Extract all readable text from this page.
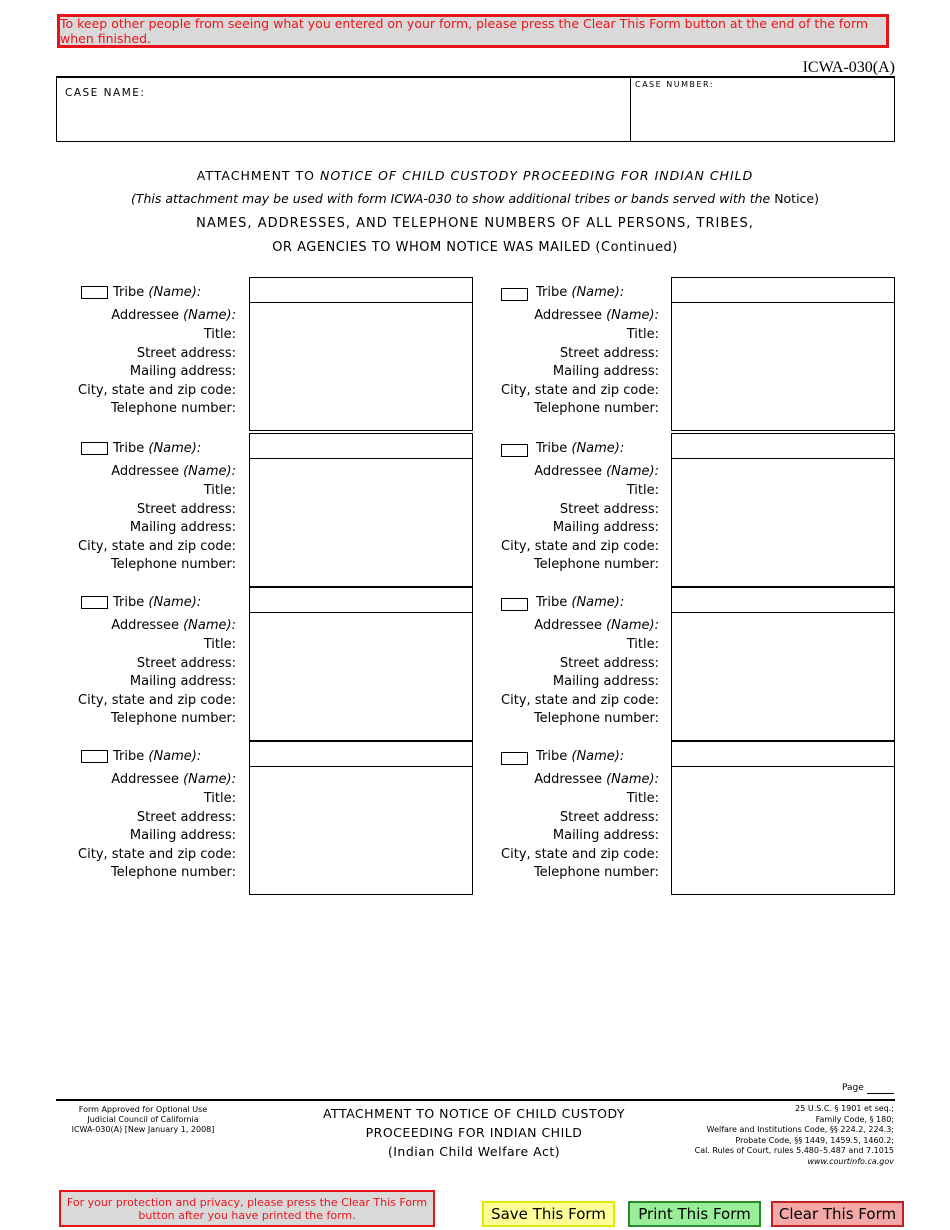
To keep other people from seeing what you entered on your form, please press the Clear This Form button at the end of the form when finished.
ICWA-030(A)
CASE NAME:
CASE NUMBER:
ATTACHMENT TO NOTICE OF CHILD CUSTODY PROCEEDING FOR INDIAN CHILD
(This attachment may be used with form ICWA-030 to show additional tribes or bands served with the Notice)
NAMES, ADDRESSES, AND TELEPHONE NUMBERS OF ALL PERSONS, TRIBES,
OR AGENCIES TO WHOM NOTICE WAS MAILED (Continued)
Tribe (Name):
Addressee (Name):
Title:
Street address:
Mailing address:
City, state and zip code:
Telephone number:
Tribe (Name):
Addressee (Name):
Title:
Street address:
Mailing address:
City, state and zip code:
Telephone number:
Tribe (Name):
Addressee (Name):
Title:
Street address:
Mailing address:
City, state and zip code:
Telephone number:
Tribe (Name):
Addressee (Name):
Title:
Street address:
Mailing address:
City, state and zip code:
Telephone number:
Tribe (Name):
Addressee (Name):
Title:
Street address:
Mailing address:
City, state and zip code:
Telephone number:
Tribe (Name):
Addressee (Name):
Title:
Street address:
Mailing address:
City, state and zip code:
Telephone number:
Tribe (Name):
Addressee (Name):
Title:
Street address:
Mailing address:
City, state and zip code:
Telephone number:
Tribe (Name):
Addressee (Name):
Title:
Street address:
Mailing address:
City, state and zip code:
Telephone number:
Page
Form Approved for Optional Use
Judicial Council of California
ICWA-030(A) [New January 1, 2008]
ATTACHMENT TO NOTICE OF CHILD CUSTODY
PROCEEDING FOR INDIAN CHILD
(Indian Child Welfare Act)
25 U.S.C. § 1901 et seq.;
Family Code, § 180;
Welfare and Institutions Code, §§ 224.2, 224.3;
Probate Code, §§ 1449, 1459.5, 1460.2;
Cal. Rules of Court, rules 5.480–5.487 and 7.1015
www.courtinfo.ca.gov
For your protection and privacy, please press the Clear This Form button after you have printed the form.	Save This Form	Print This Form	Clear This Form
